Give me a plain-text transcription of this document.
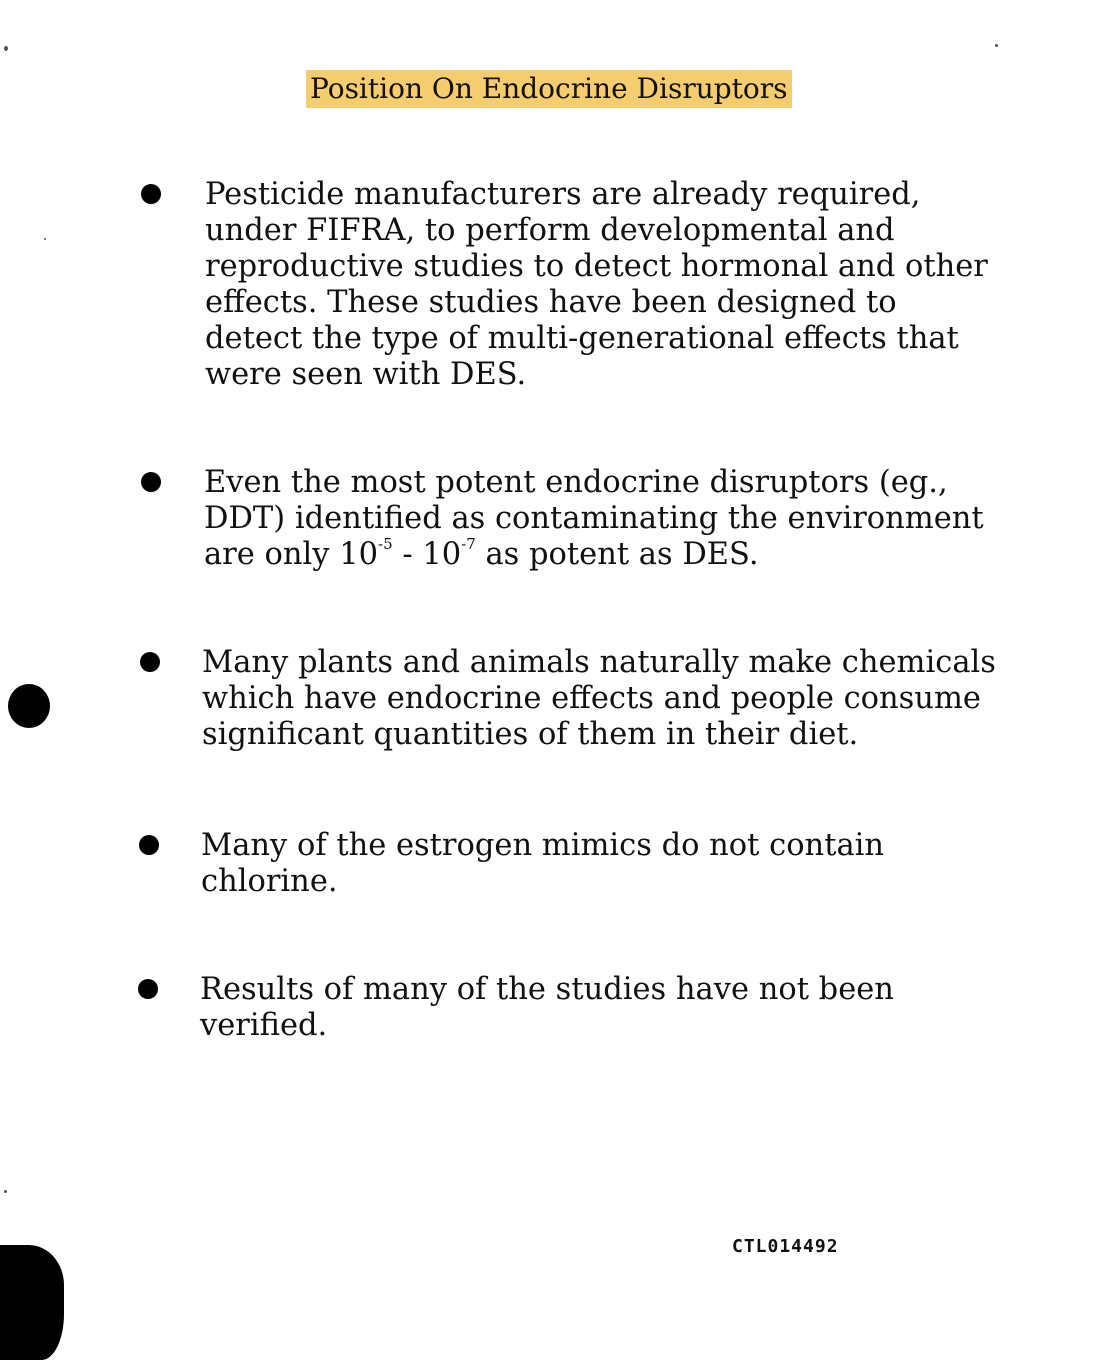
Position On Endocrine Disruptors
Pesticide manufacturers are already required,
under FIFRA, to perform developmental and
reproductive studies to detect hormonal and other
effects. These studies have been designed to
detect the type of multi-generational effects that
were seen with DES.
Even the most potent endocrine disruptors (eg.,
DDT) identified as contaminating the environment
are only $10^{-5} - 10^{-7}$ as potent as DES.
Many plants and animals naturally make chemicals
which have endocrine effects and people consume
significant quantities of them in their diet.
Many of the estrogen mimics do not contain
chlorine.
Results of many of the studies have not been
verified.
CTL014492
